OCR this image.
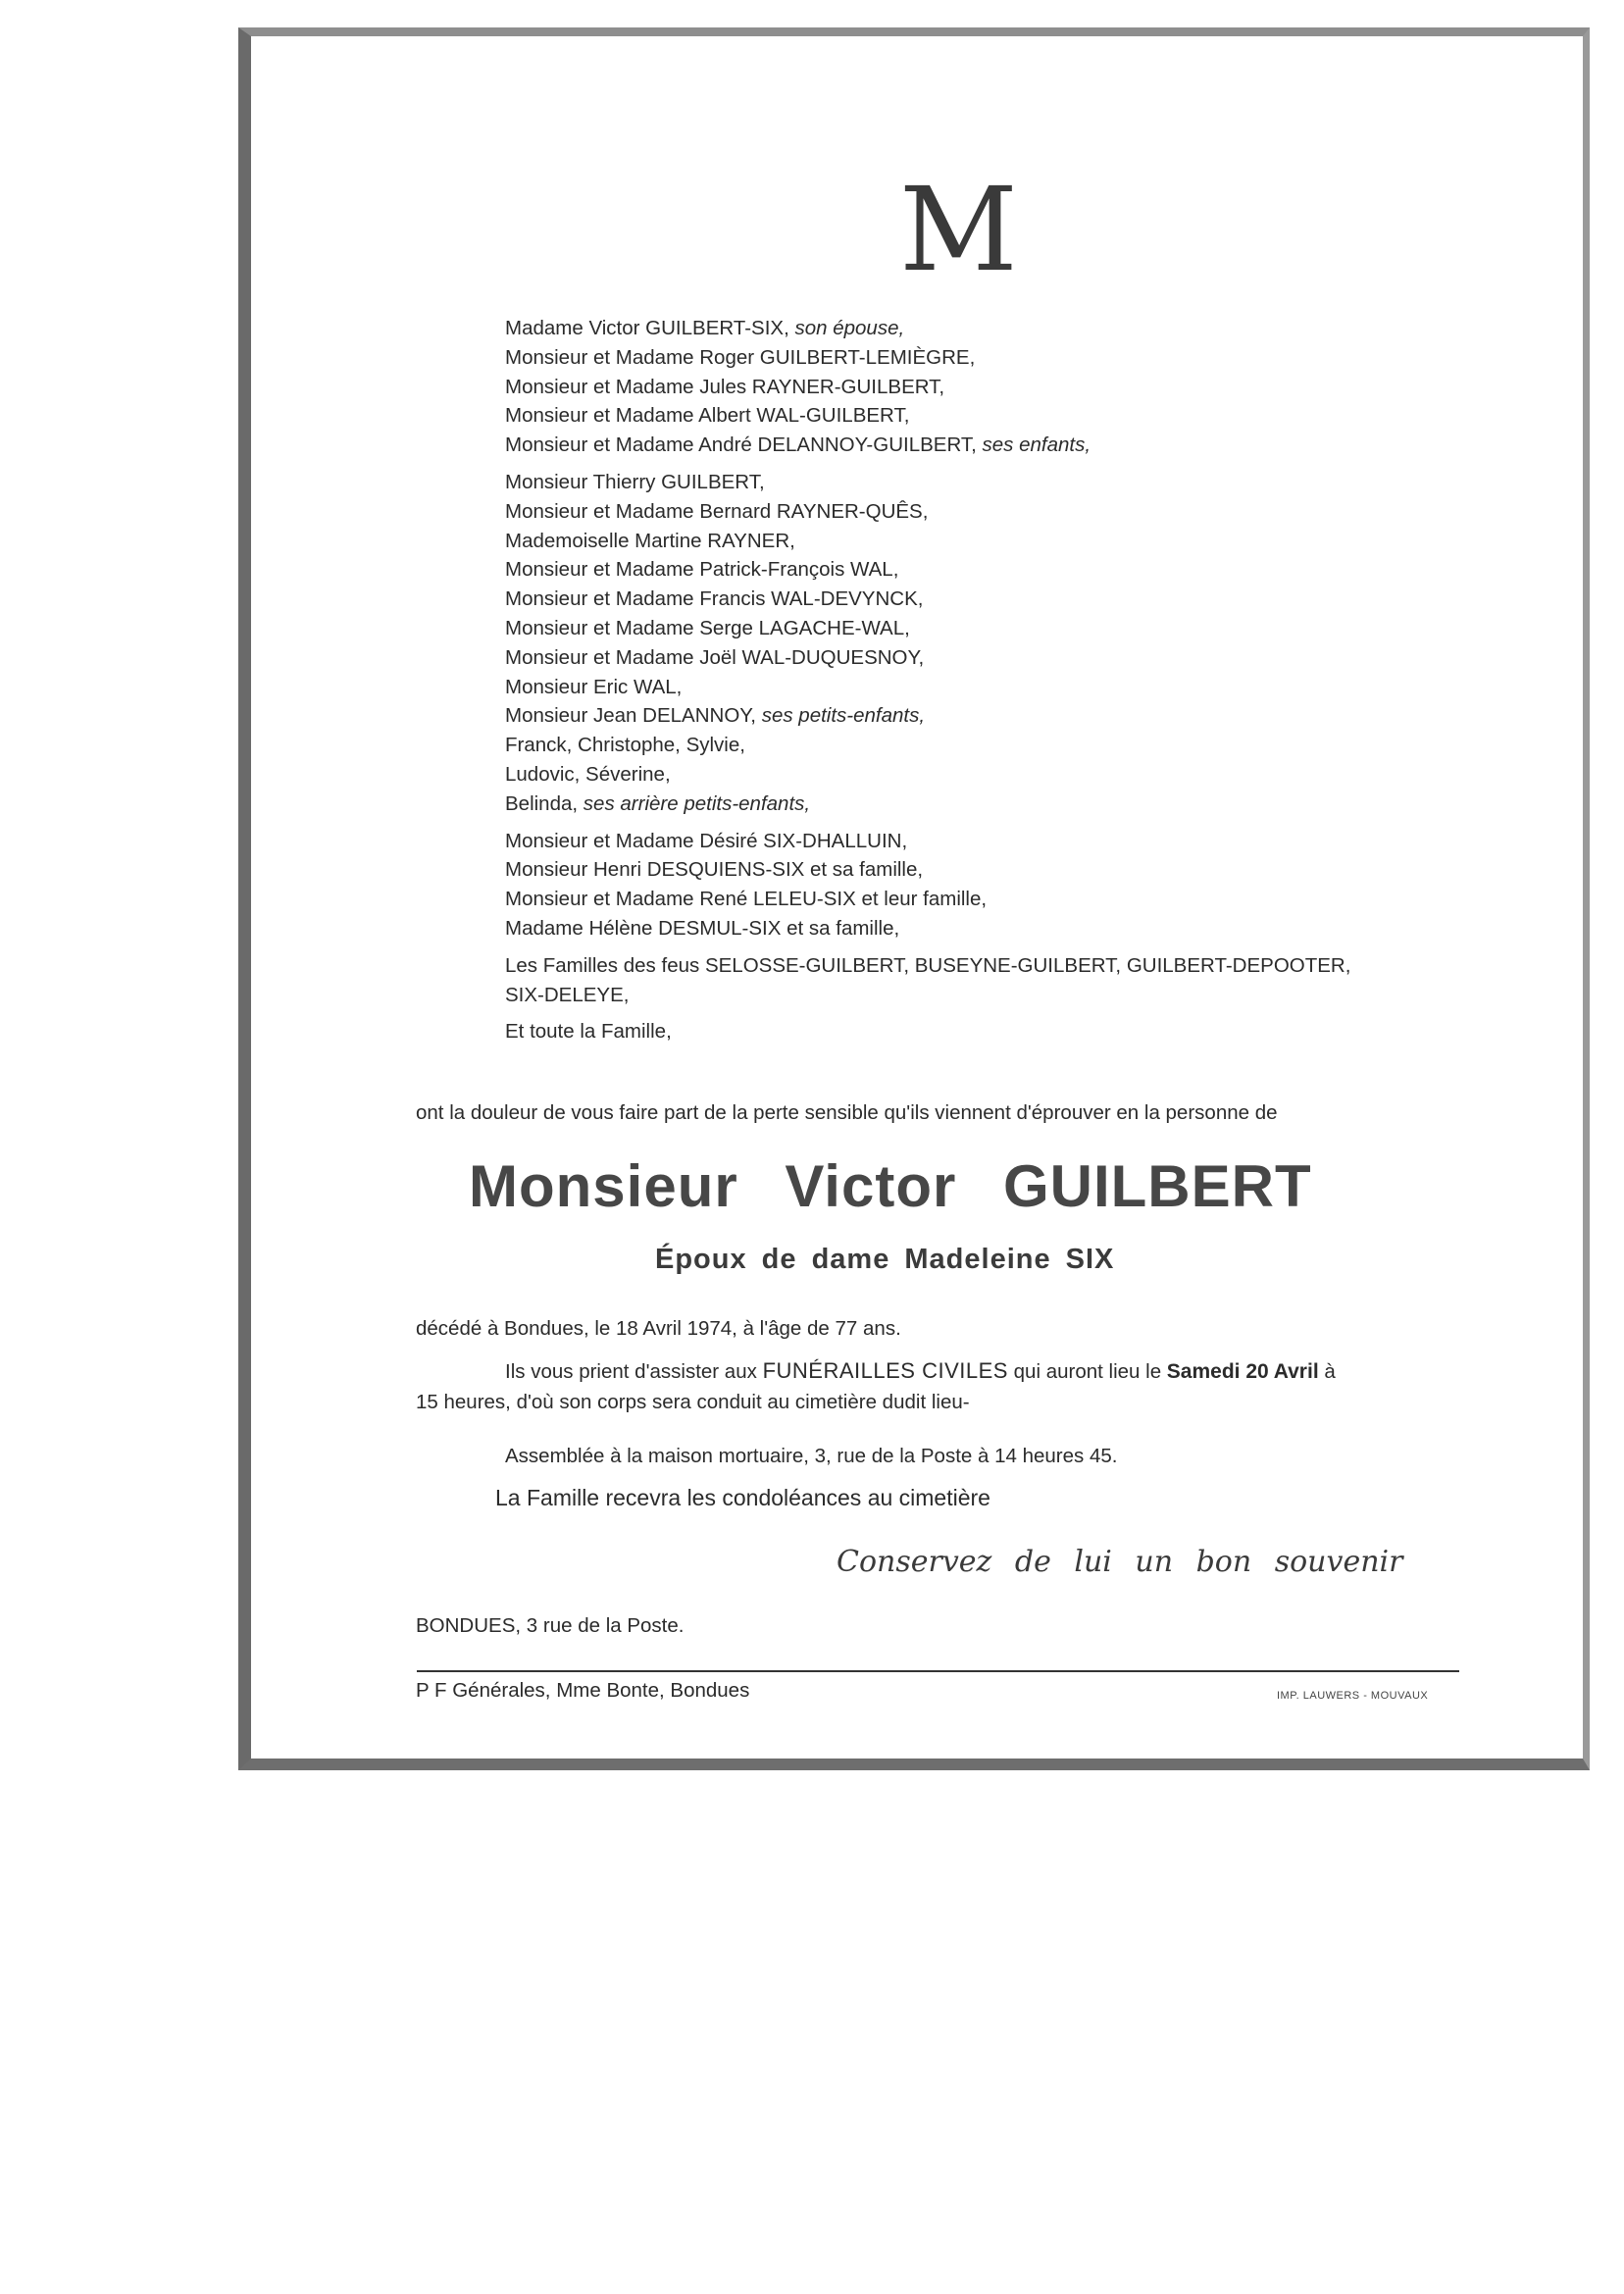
M
Madame Victor GUILBERT-SIX, son épouse,
Monsieur et Madame Roger GUILBERT-LEMIÈGRE,
Monsieur et Madame Jules RAYNER-GUILBERT,
Monsieur et Madame Albert WAL-GUILBERT,
Monsieur et Madame André DELANNOY-GUILBERT, ses enfants,
Monsieur Thierry GUILBERT,
Monsieur et Madame Bernard RAYNER-QUÊS,
Mademoiselle Martine RAYNER,
Monsieur et Madame Patrick-François WAL,
Monsieur et Madame Francis WAL-DEVYNCK,
Monsieur et Madame Serge LAGACHE-WAL,
Monsieur et Madame Joël WAL-DUQUESNOY,
Monsieur Eric WAL,
Monsieur Jean DELANNOY, ses petits-enfants,
Franck, Christophe, Sylvie,
Ludovic, Séverine,
Belinda, ses arrière petits-enfants,
Monsieur et Madame Désiré SIX-DHALLUIN,
Monsieur Henri DESQUIENS-SIX et sa famille,
Monsieur et Madame René LELEU-SIX et leur famille,
Madame Hélène DESMUL-SIX et sa famille,
Les Familles des feus SELOSSE-GUILBERT, BUSEYNE-GUILBERT, GUILBERT-DEPOOTER,
SIX-DELEYE,
Et toute la Famille,
ont la douleur de vous faire part de la perte sensible qu'ils viennent d'éprouver en la personne de
Monsieur Victor GUILBERT
Époux de dame Madeleine SIX
décédé à Bondues, le 18 Avril 1974, à l'âge de 77 ans.
Ils vous prient d'assister aux FUNÉRAILLES CIVILES qui auront lieu le Samedi 20 Avril à
15 heures, d'où son corps sera conduit au cimetière dudit lieu-
Assemblée à la maison mortuaire, 3, rue de la Poste à 14 heures 45.
La Famille recevra les condoléances au cimetière
Conservez de lui un bon souvenir
BONDUES, 3 rue de la Poste.
P F Générales, Mme Bonte, Bondues	IMP. LAUWERS - MOUVAUX
